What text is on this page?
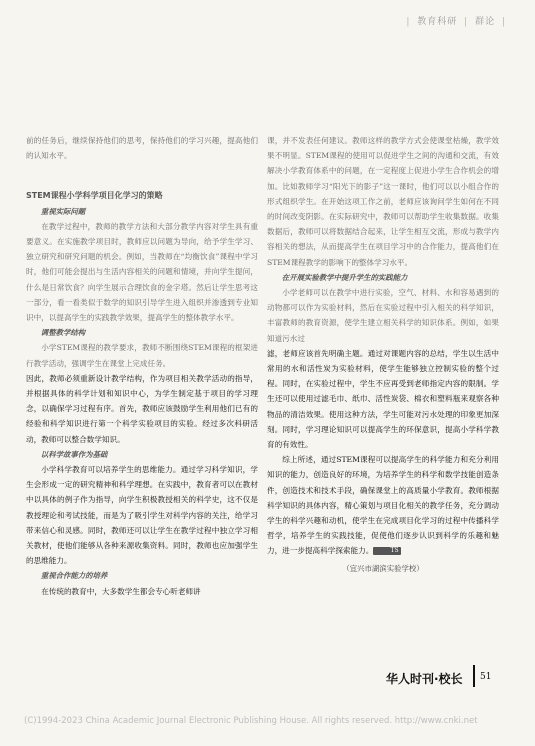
| 教育科研 | 群论 |

前的任务后，继续保持他们的思考，保持他们的学习兴趣，提高他们的认知水平。

STEM课程小学科学项目化学习的策略
重视实际问题

在教学过程中，教师的教学方法和大部分教学内容对学生具有重要意义。在实施教学项目时，教师应以问题为导向，给予学生学习、独立研究和研究问题的机会。例如，当教师在“均衡饮食”课程中学习时，他们可能会提出与生活内容相关的问题和情境，并向学生提问，什么是日常饮食？向学生展示合理饮食的金字塔。然后让学生思考这一部分，看一看类似于数学的知识引导学生进入组织并渗透到专业知识中，以提高学生的实践教学效果，提高学生的整体教学水平。

调整教学结构

小学STEM课程的教学要求，教师不断围绕STEM课程的框架进行教学活动，强调学生在课堂上完成任务。

因此，教师必须重新设计教学结构，作为项目相关教学活动的指导，并根据具体的科学计划和知识中心，为学生制定基于项目的学习理念，以确保学习过程有序。首先，教师应该鼓励学生利用他们已有的经验和科学知识进行第一个科学实验项目的实验。经过多次科研活动，教师可以整合数学知识。

以科学故事作为基础

小学科学教育可以培养学生的思维能力。通过学习科学知识，学生会形成一定的研究精神和科学理想。在实践中，教育者可以在教材中以具体的例子作为指导，向学生积极教授相关的科学史，这不仅是教授理论和考试技能，而是为了吸引学生对科学内容的关注，给学习带来信心和灵感。同时，教师还可以让学生在教学过程中独立学习相关教材，使他们能够从各种来源收集资料。同时，教师也应加强学生的思维能力。

重视合作能力的培养

在传统的教育中，大多数学生都会专心听老师讲

课，并不发表任何建议。教师这样的教学方式会使课堂枯燥，教学效果不明显。STEM课程的使用可以促进学生之间的沟通和交流，有效解决小学教育体系中的问题，在一定程度上促进小学生合作机会的增加。比如教师学习“阳光下的影子”这一课时，他们可以以小组合作的形式组织学生。在开始这项工作之前，老师应该询问学生如何在不同的时间改变阴影。在实际研究中，教师可以帮助学生收集数据。收集数据后，教师可以将数据结合起来，让学生相互交流，形成与教学内容相关的想法，从而提高学生在项目学习中的合作能力，提高他们在STEM课程教学的影响下的整体学习水平。

在开展实验教学中提升学生的实践能力

小学老师可以在教学中进行实验，空气、材料、水和容易遇到的动物都可以作为实验材料，然后在实验过程中引入相关的科学知识，丰富教师的教育资源，使学生建立相关科学的知识体系。例如，如果知道污水过

滤，老师应该首先明确主题。通过对课题内容的总结，学生以生活中常用的水和活性炭为实验材料，使学生能够独立控制实验的整个过程。同时，在实验过程中，学生不应再受到老师指定内容的限制。学生还可以使用过滤毛巾、纸巾、活性炭袋、棉衣和塑料瓶来观察各种物品的清洁效果。使用这种方法，学生可能对污水处理的印象更加深刻。同时，学习理论知识可以提高学生的环保意识，提高小学科学教育的有效性。

综上所述，通过STEM课程可以提高学生的科学能力和充分利用知识的能力，创造良好的环境，为培养学生的科学和数学技能创造条件，创造技术和技术手段，确保课堂上的高质量小学教育。教师根据科学知识的具体内容，精心策划与项目化相关的教学任务，充分调动学生的科学兴趣和动机，使学生在完成项目化学习的过程中传播科学哲学，培养学生的实践技能，促使他们逐步认识到科学的乐趣和魅力，进一步提高科学探索能力。	TS

（宜兴市湖滨实验学校）
华人时刊·校长 51
(C)1994-2023 China Academic Journal Electronic Publishing House. All rights reserved. http://www.cnki.net
